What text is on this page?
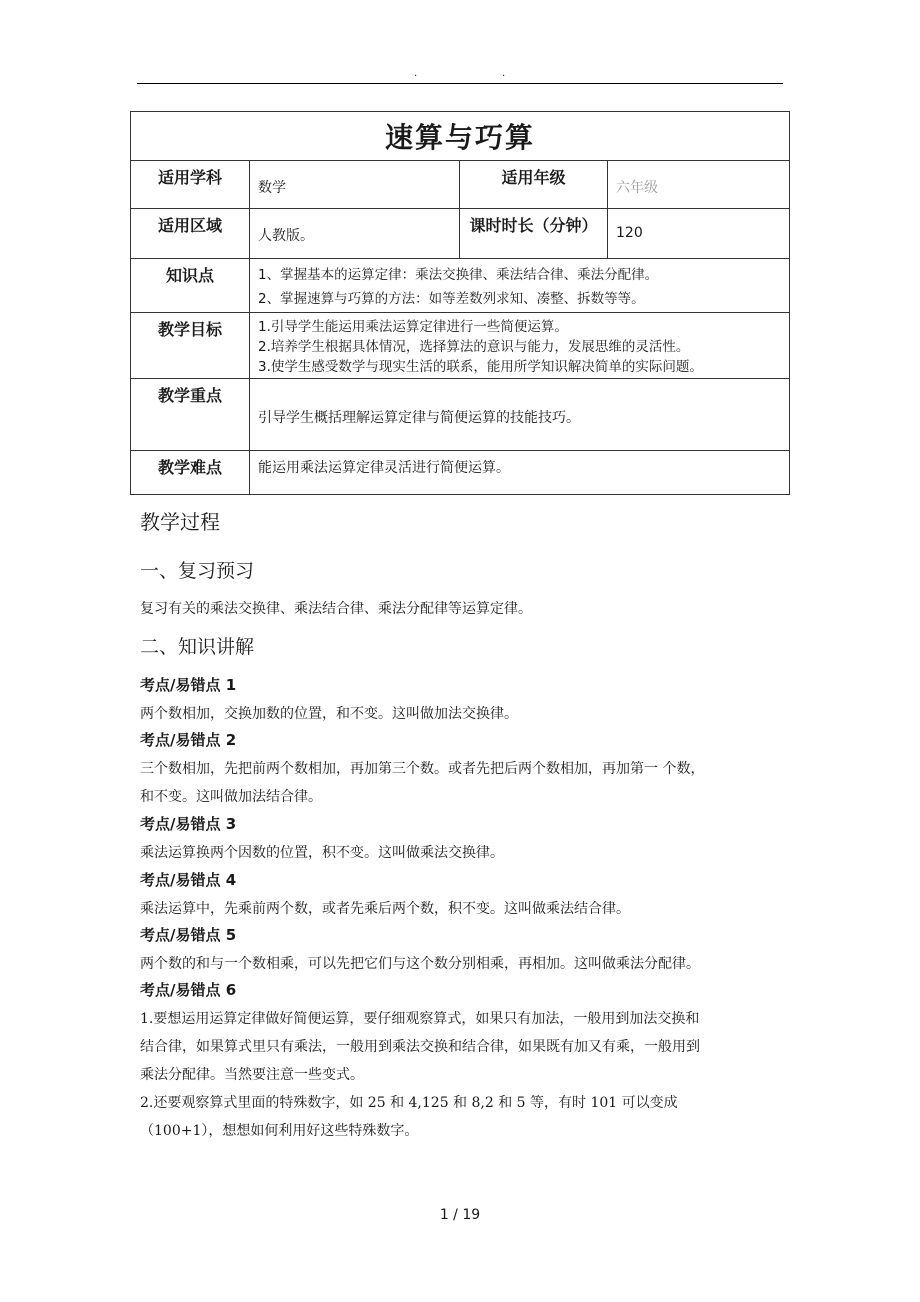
.	.
速算与巧算			
适用学科	数学	适用年级	六年级
适用区域	人教版。	课时时长（分钟）	120
知识点	1、掌握基本的运算定律：乘法交换律、乘法结合律、乘法分配律。
2、掌握速算与巧算的方法：如等差数列求知、凑整、拆数等等。		

教学目标	1.引导学生能运用乘法运算定律进行一些简便运算。
2.培养学生根据具体情况，选择算法的意识与能力，发展思维的灵活性。
3.使学生感受数学与现实生活的联系，能用所学知识解决简单的实际问题。		

教学重点	引导学生概括理解运算定律与简便运算的技能技巧。		
教学难点	能运用乘法运算定律灵活进行简便运算。		
教学过程
一、复习预习
复习有关的乘法交换律、乘法结合律、乘法分配律等运算定律。
二、知识讲解
考点/易错点 1
两个数相加，交换加数的位置，和不变。这叫做加法交换律。
考点/易错点 2
三个数相加，先把前两个数相加，再加第三个数。或者先把后两个数相加，再加第一 个数，
和不变。这叫做加法结合律。
考点/易错点 3
乘法运算换两个因数的位置，积不变。这叫做乘法交换律。
考点/易错点 4
乘法运算中，先乘前两个数，或者先乘后两个数，积不变。这叫做乘法结合律。
考点/易错点 5
两个数的和与一个数相乘，可以先把它们与这个数分别相乘，再相加。这叫做乘法分配律。
考点/易错点 6
1.要想运用运算定律做好简便运算，要仔细观察算式，如果只有加法，一般用到加法交换和
结合律，如果算式里只有乘法，一般用到乘法交换和结合律，如果既有加又有乘，一般用到
乘法分配律。当然要注意一些变式。
2.还要观察算式里面的特殊数字，如 25 和 4,125 和 8,2 和 5 等，有时 101 可以变成
（100+1），想想如何利用好这些特殊数字。
1 / 19
